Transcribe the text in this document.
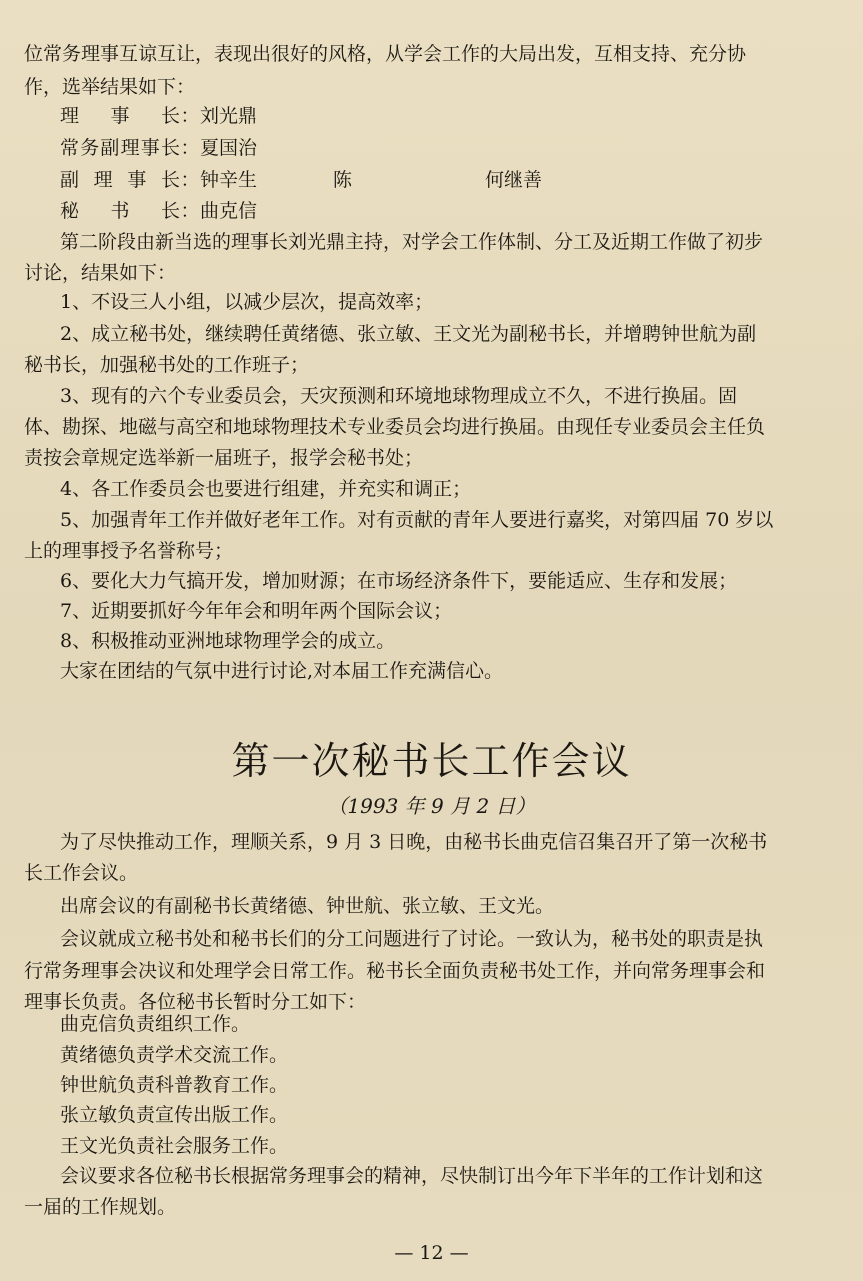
位常务理事互谅互让，表现出很好的风格，从学会工作的大局出发，互相支持、充分协
作，选举结果如下：
理事长：刘光鼎
常务副理事长：夏国治
副理事长：钟辛生　　　　陈　　　　　　　何继善
秘书长：曲克信
第二阶段由新当选的理事长刘光鼎主持，对学会工作体制、分工及近期工作做了初步
讨论，结果如下：
1、不设三人小组，以减少层次，提高效率；
2、成立秘书处，继续聘任黄绪德、张立敏、王文光为副秘书长，并增聘钟世航为副
秘书长，加强秘书处的工作班子；
3、现有的六个专业委员会，天灾预测和环境地球物理成立不久，不进行换届。固
体、勘探、地磁与高空和地球物理技术专业委员会均进行换届。由现任专业委员会主任负
责按会章规定选举新一届班子，报学会秘书处；
4、各工作委员会也要进行组建，并充实和调正；
5、加强青年工作并做好老年工作。对有贡献的青年人要进行嘉奖，对第四届 70 岁以
上的理事授予名誉称号；
6、要化大力气搞开发，增加财源；在市场经济条件下，要能适应、生存和发展；
7、近期要抓好今年年会和明年两个国际会议；
8、积极推动亚洲地球物理学会的成立。
大家在团结的气氛中进行讨论,对本届工作充满信心。
第一次秘书长工作会议
（1993 年 9 月 2 日）
为了尽快推动工作，理顺关系，9 月 3 日晚，由秘书长曲克信召集召开了第一次秘书
长工作会议。
出席会议的有副秘书长黄绪德、钟世航、张立敏、王文光。
会议就成立秘书处和秘书长们的分工问题进行了讨论。一致认为，秘书处的职责是执
行常务理事会决议和处理学会日常工作。秘书长全面负责秘书处工作，并向常务理事会和
理事长负责。各位秘书长暂时分工如下：
曲克信负责组织工作。
黄绪德负责学术交流工作。
钟世航负责科普教育工作。
张立敏负责宣传出版工作。
王文光负责社会服务工作。
会议要求各位秘书长根据常务理事会的精神，尽快制订出今年下半年的工作计划和这
一届的工作规划。
— 12 —
